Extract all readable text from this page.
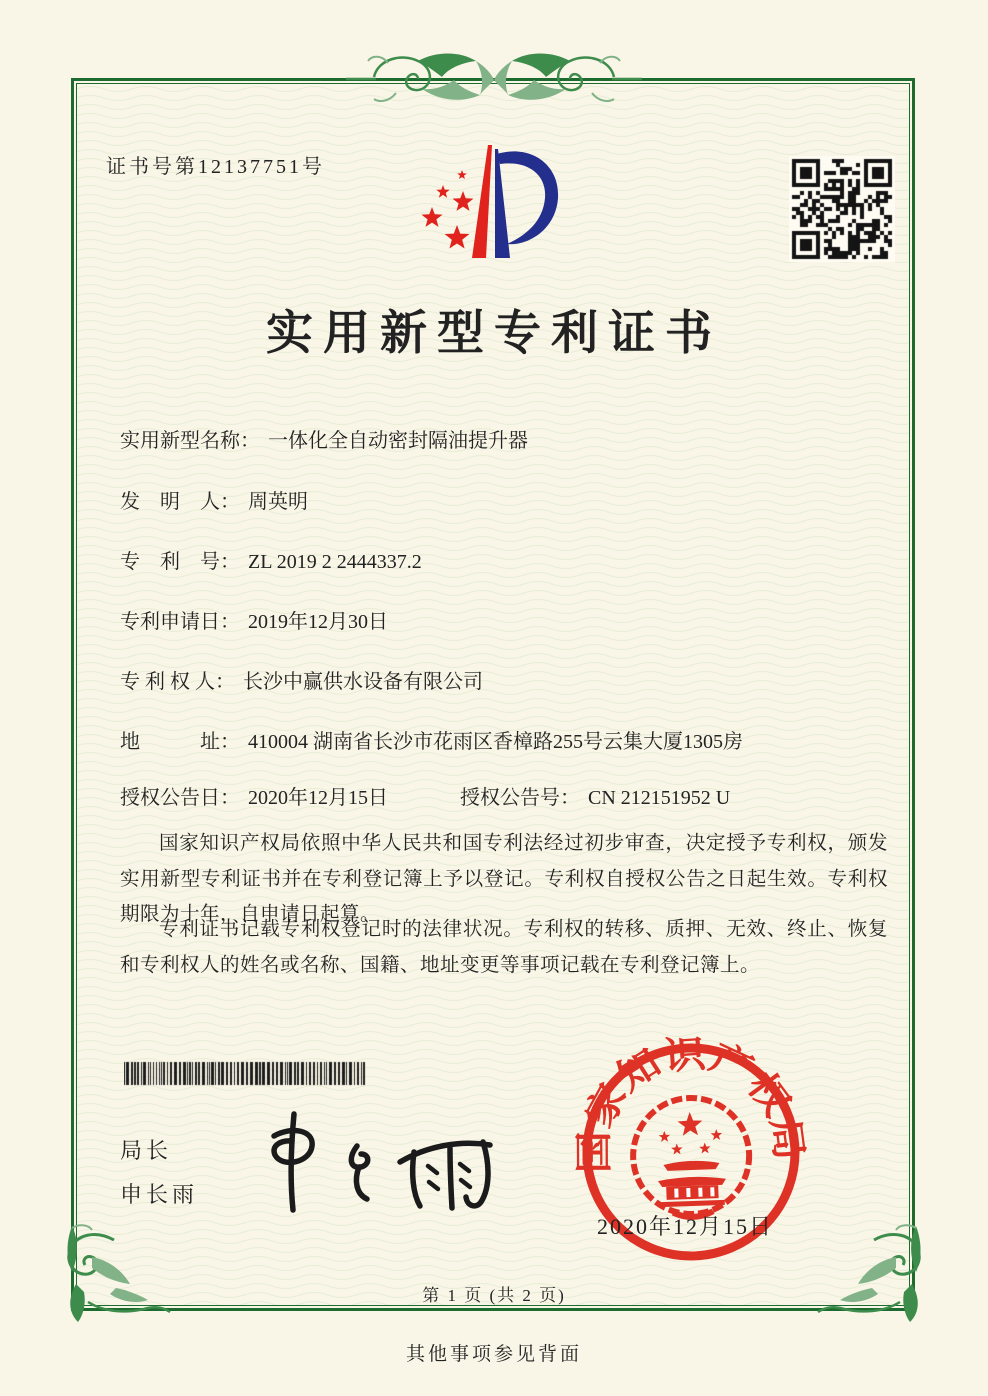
证书号第12137751号
实用新型专利证书
实用新型名称： 一体化全自动密封隔油提升器
发　明　人： 周英明
专　利　号： ZL 2019 2 2444337.2
专利申请日： 2019年12月30日
专 利 权 人： 长沙中赢供水设备有限公司
地　　　址： 410004 湖南省长沙市花雨区香樟路255号云集大厦1305房
授权公告日： 2020年12月15日	授权公告号： CN 212151952 U

国家知识产权局依照中华人民共和国专利法经过初步审查，决定授予专利权，颁发实用新型专利证书并在专利登记簿上予以登记。专利权自授权公告之日起生效。专利权期限为十年，自申请日起算。

专利证书记载专利权登记时的法律状况。专利权的转移、质押、无效、终止、恢复和专利权人的姓名或名称、国籍、地址变更等事项记载在专利登记簿上。

局长
申长雨
国家知识产权局
2020年12月15日
第 1 页 (共 2 页)
其他事项参见背面
